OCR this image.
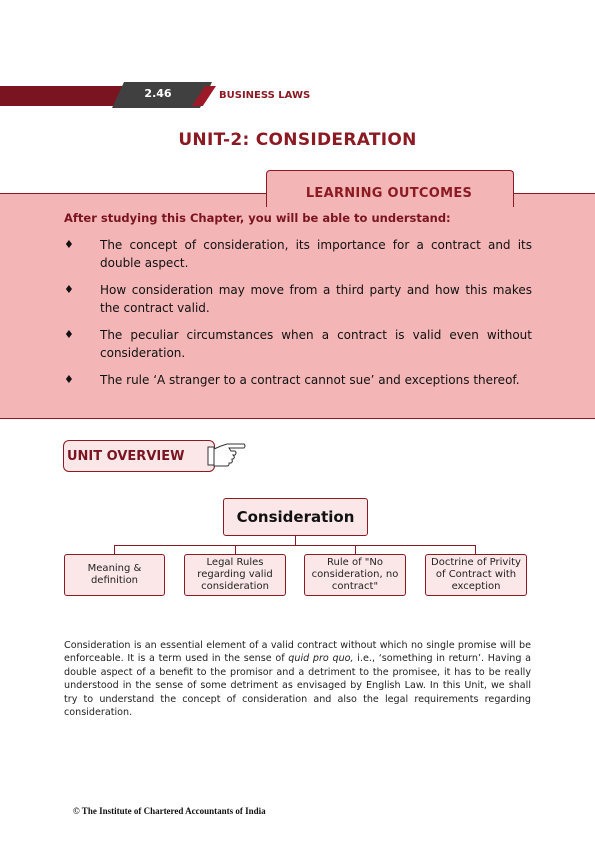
2.46	BUSINESS LAWS
UNIT-2: CONSIDERATION
LEARNING OUTCOMES
After studying this Chapter, you will be able to understand:
♦ The concept of consideration, its importance for a contract and its double aspect.
♦ How consideration may move from a third party and how this makes the contract valid.
♦ The peculiar circumstances when a contract is valid even without consideration.
♦ The rule ‘A stranger to a contract cannot sue’ and exceptions thereof.
UNIT OVERVIEW
Consideration
Meaning & definition
Legal Rules regarding valid consideration
Rule of "No consideration, no contract"
Doctrine of Privity of Contract with exception

Consideration is an essential element of a valid contract without which no single promise will be enforceable. It is a term used in the sense of quid pro quo, i.e., ‘something in return’. Having a double aspect of a benefit to the promisor and a detriment to the promisee, it has to be really understood in the sense of some detriment as envisaged by English Law. In this Unit, we shall try to understand the concept of consideration and also the legal requirements regarding consideration.

© The Institute of Chartered Accountants of India
